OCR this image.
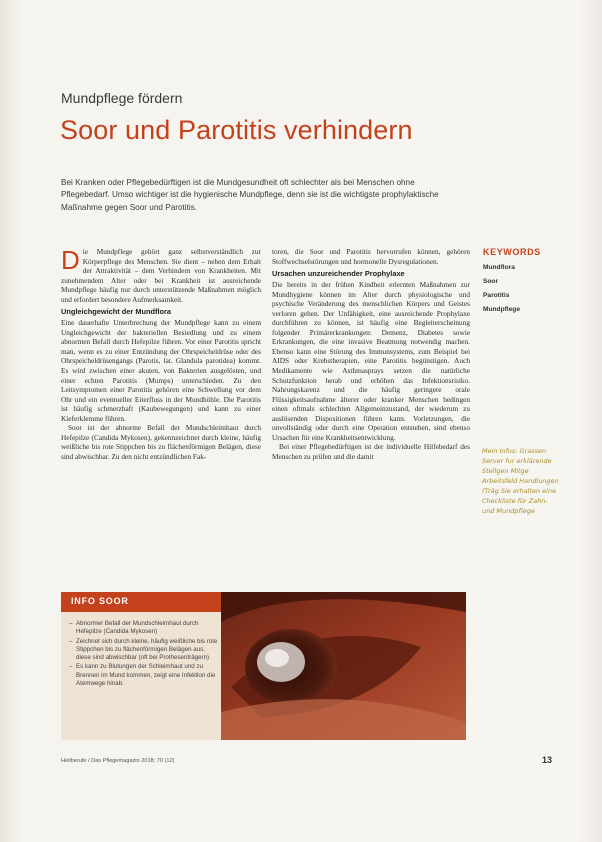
Mundpflege fördern
Soor und Parotitis verhindern

Bei Kranken oder Pflegebedürftigen ist die Mundgesundheit oft schlechter als bei Menschen ohne Pflegebedarf. Umso wichtiger ist die hygienische Mundpflege, denn sie ist die wichtigste prophylaktische Maßnahme gegen Soor und Parotitis.

Die Mundpflege gehört ganz selbstverständlich zur Körperpflege des Menschen. Sie dient – neben dem Erhalt der Attraktivität – dem Verhindern von Krankheiten. Mit zunehmendem Alter oder bei Krankheit ist ausreichende Mundpflege häufig nur durch unterstützende Maßnahmen möglich und erfordert besondere Aufmerksamkeit.

Ungleichgewicht der Mundflora

Eine dauerhafte Unterbrechung der Mundpflege kann zu einem Ungleichgewicht der bakteriellen Besiedlung und zu einem abnormen Befall durch Hefepilze führen. Vor einer Parotitis spricht man, wenn es zu einer Entzündung der Ohrspeicheldrüse oder des Ohrspeicheldrüsengangs (Parotis, lat. Glandula parotidea) kommt. Es wird zwischen einer akuten, von Bakterien ausgelösten, und einer echten Parotitis (Mumps) unterschieden. Zu den Leitsymptomen einer Parotitis gehören eine Schwellung vor dem Ohr und ein eventueller Eiterfluss in der Mundhöhle. Die Parotitis ist häufig schmerzhaft (Kaubewegungen) und kann zu einer Kieferklemme führen.

Soor ist der abnorme Befall der Mundschleimhaut durch Hefepilze (Candida Mykosen), gekennzeichnet durch kleine, häufig weißliche bis rote Stippchen bis zu flächenförmigen Belägen, diese sind abwischbar. Zu den nicht entzündlichen Fak-

toren, die Soor und Parotitis hervorrufen können, gehören Stoffwechselstörungen und hormonelle Dysregulationen.

Ursachen unzureichender Prophylaxe

Die bereits in der frühen Kindheit erlernten Maßnahmen zur Mundhygiene können im Alter durch physiologische und psychische Veränderung des menschlichen Körpers und Geistes verloren gehen. Der Unfähigkeit, eine ausreichende Prophylaxe durchführen zu können, ist häufig eine Begleiterscheinung folgender Primärerkrankungen: Demenz, Diabetes sowie Erkrankungen, die eine invasive Beatmung notwendig machen. Ebenso kann eine Störung des Immunsystems, zum Beispiel bei AIDS oder Krebstherapien, eine Parotitis begünstigen. Auch Medikamente wie Asthmasprays setzen die natürliche Schutzfunktion herab und erhöhen das Infektionsrisiko. Nahrungskarenz und die häufig geringere orale Flüssigkeitsaufnahme älterer oder kranker Menschen bedingen einen oftmals schlechten Allgemeinzustand, der wiederum zu auslösenden Dispositionen führen kann. Vorletzungen, die unvollständig oder durch eine Operation entstehen, sind ebenso Ursachen für eine Krankheitsentwicklung.

Bei einer Pflegebedürftigen ist der individuelle Hilfebedarf des Menschen zu prüfen und die damit

KEYWORDS
Mundflora
Soor
Parotitis
Mundpflege
Mein Infos: Grassen Server fur erklärende Stellgen Mitge Arbeitsfeld Handlungen (Träg Sie erhalten eine Checkliste für Zahn- und Mundpflege
INFO SOOR
– Abnormer Befall der Mundschleimhaut durch Hefepilze (Candida Mykosen)
– Zeichnet sich durch kleine, häufig weißliche bis rote Stippchen bis zu flächenförmigen Belägen aus, diese sind abwischbar (oft bei Prothesenträgern)
– Es kann zu Blutungen der Schleimhaut und zu Brennen im Mund kommen, zeigt eine Infektion die Atemwege hinab.
Heilberufe / Das Pflegemagazin 2018; 70 (12)	13
